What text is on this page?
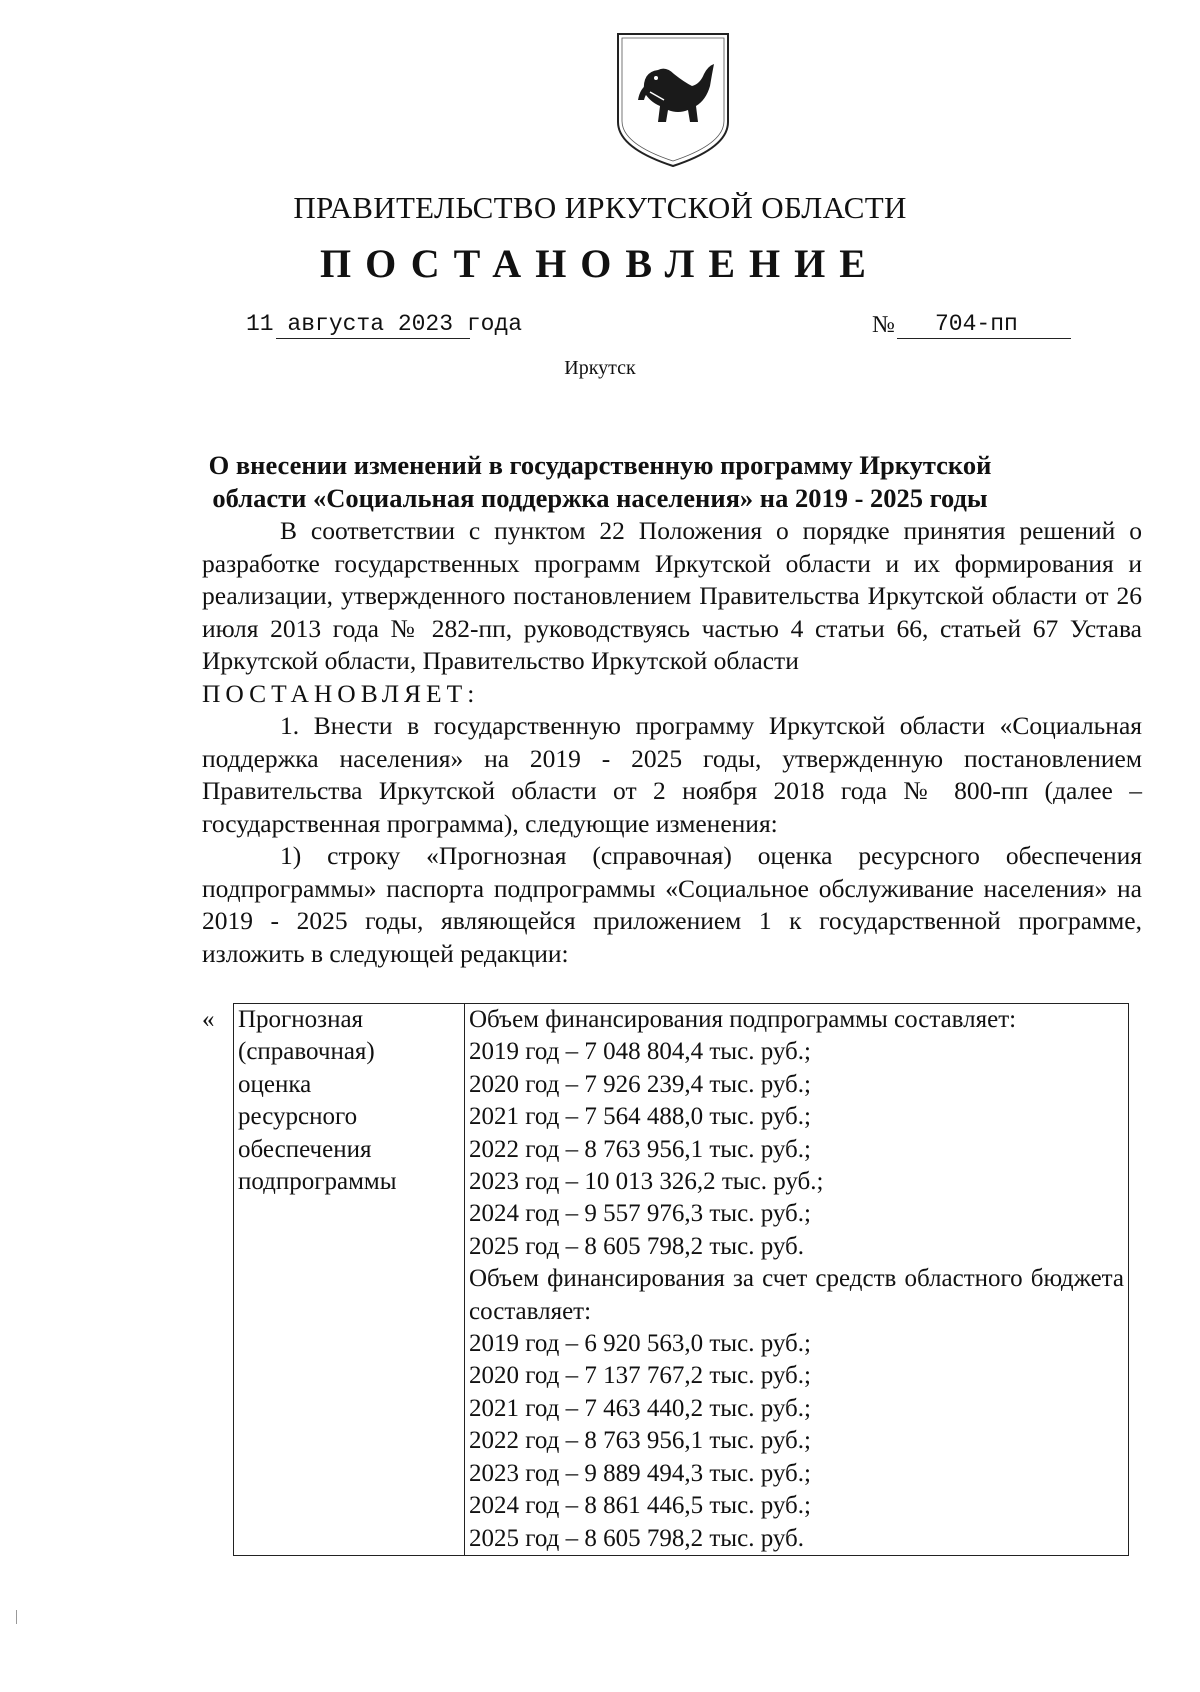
ПРАВИТЕЛЬСТВО ИРКУТСКОЙ ОБЛАСТИ
ПОСТАНОВЛЕНИЕ
11 августа 2023 года	№ 704-пп
Иркутск
О внесении изменений в государственную программу Иркутской
области «Социальная поддержка населения» на 2019 - 2025 годы

В соответствии с пунктом 22 Положения о порядке принятия решений о разработке государственных программ Иркутской области и их формирования и реализации, утвержденного постановлением Правительства Иркутской области от 26 июля 2013 года № 282-пп, руководствуясь частью 4 статьи 66, статьей 67 Устава Иркутской области, Правительство Иркутской области

ПОСТАНОВЛЯЕТ:

1. Внести в государственную программу Иркутской области «Социальная поддержка населения» на 2019 - 2025 годы, утвержденную постановлением Правительства Иркутской области от 2 ноября 2018 года № 800-пп (далее – государственная программа), следующие изменения:

1) строку «Прогнозная (справочная) оценка ресурсного обеспечения подпрограммы» паспорта подпрограммы «Социальное обслуживание населения» на 2019 - 2025 годы, являющейся приложением 1 к государственной программе, изложить в следующей редакции:

« Прогнозная
(справочная)
оценка
ресурсного
обеспечения
подпрограммы

Объем финансирования подпрограммы составляет:
2019 год – 7 048 804,4 тыс. руб.;
2020 год – 7 926 239,4 тыс. руб.;
2021 год – 7 564 488,0 тыс. руб.;
2022 год – 8 763 956,1 тыс. руб.;
2023 год – 10 013 326,2 тыс. руб.;
2024 год – 9 557 976,3 тыс. руб.;
2025 год – 8 605 798,2 тыс. руб.
Объем финансирования за счет средств областного бюджета составляет:
2019 год – 6 920 563,0 тыс. руб.;
2020 год – 7 137 767,2 тыс. руб.;
2021 год – 7 463 440,2 тыс. руб.;
2022 год – 8 763 956,1 тыс. руб.;
2023 год – 9 889 494,3 тыс. руб.;
2024 год – 8 861 446,5 тыс. руб.;
2025 год – 8 605 798,2 тыс. руб.
